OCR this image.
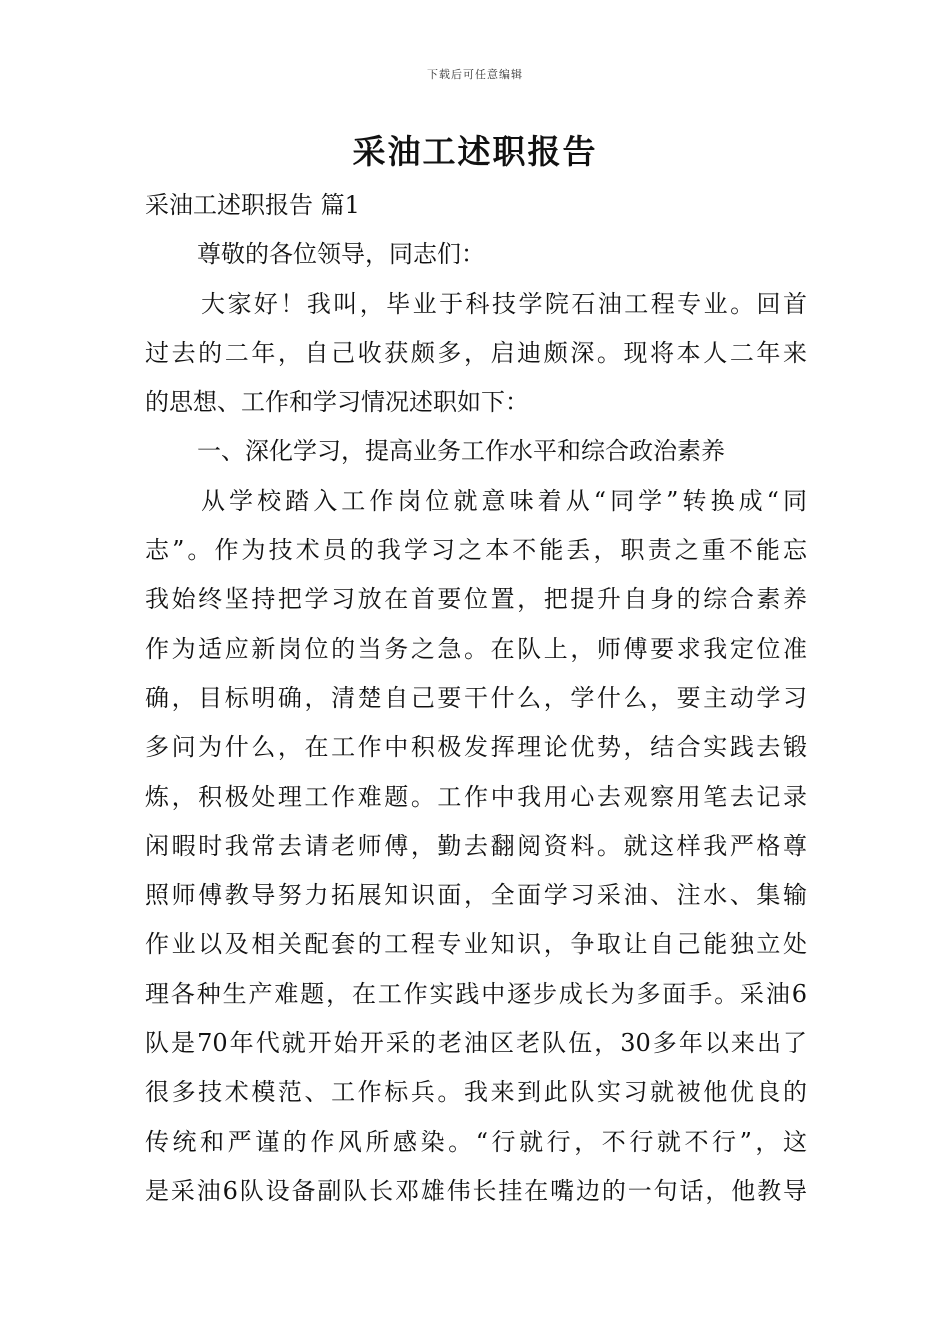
下载后可任意编辑
采油工述职报告

采油工述职报告 篇1

尊敬的各位领导，同志们：

大家好！我叫，毕业于科技学院石油工程专业。回首
过去的二年，自己收获颇多，启迪颇深。现将本人二年来
的思想、工作和学习情况述职如下：

一、深化学习，提高业务工作水平和综合政治素养

从学校踏入工作岗位就意味着从“同学”转换成“同
志”。作为技术员的我学习之本不能丢，职责之重不能忘
我始终坚持把学习放在首要位置，把提升自身的综合素养
作为适应新岗位的当务之急。在队上，师傅要求我定位准
确，目标明确，清楚自己要干什么，学什么，要主动学习
多问为什么，在工作中积极发挥理论优势，结合实践去锻
炼，积极处理工作难题。工作中我用心去观察用笔去记录
闲暇时我常去请老师傅，勤去翻阅资料。就这样我严格尊
照师傅教导努力拓展知识面，全面学习采油、注水、集输
作业以及相关配套的工程专业知识，争取让自己能独立处
理各种生产难题，在工作实践中逐步成长为多面手。采油6
队是70年代就开始开采的老油区老队伍，30多年以来出了
很多技术模范、工作标兵。我来到此队实习就被他优良的
传统和严谨的作风所感染。“行就行，不行就不行”，这
是采油6队设备副队长邓雄伟长挂在嘴边的一句话，他教导
